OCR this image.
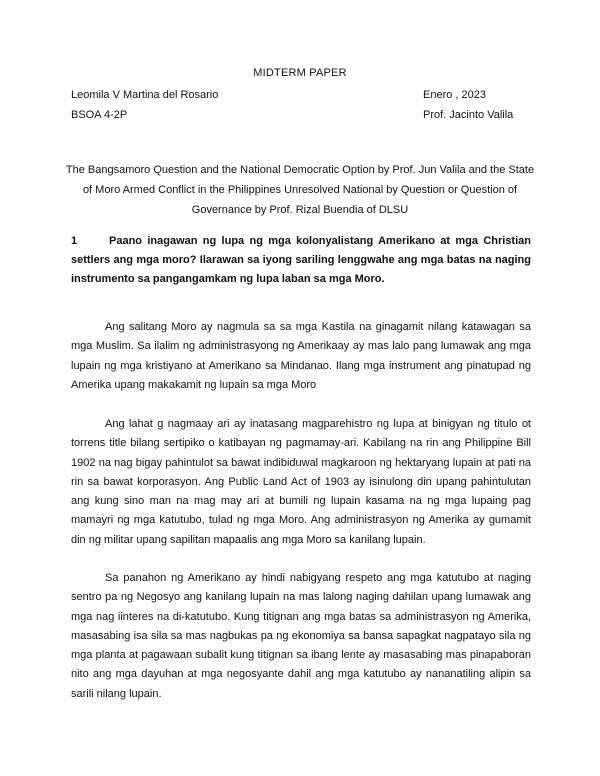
MIDTERM PAPER
Leomila V Martina del Rosario	Enero , 2023
BSOA 4-2P	Prof. Jacinto Valila
The Bangsamoro Question and the National Democratic Option by Prof. Jun Valila and the State of Moro Armed Conflict in the Philippines Unresolved National by Question or Question of Governance by Prof. Rizal Buendia of DLSU
1	Paano inagawan ng lupa ng mga kolonyalistang Amerikano at mga Christian settlers ang mga moro? Ilarawan sa iyong sariling lenggwahe ang mga batas na naging instrumento sa pangangamkam ng lupa laban sa mga Moro.
Ang salitang Moro ay nagmula sa sa mga Kastila na ginagamit nilang katawagan sa mga Muslim. Sa ilalim ng administrasyong ng Amerikaay ay mas lalo pang lumawak ang mga lupain ng mga kristiyano at Amerikano sa Mindanao. Ilang mga instrument ang pinatupad ng Amerika upang makakamit ng lupain sa mga Moro
Ang lahat g nagmaay ari ay inatasang magparehistro ng lupa at binigyan ng titulo ot torrens title bilang sertipiko o katibayan ng pagmamay-ari. Kabilang na rin ang Philippine Bill 1902 na nag bigay pahintulot sa bawat indibiduwal magkaroon ng hektaryang lupain at pati na rin sa bawat korporasyon. Ang Public Land Act of 1903 ay isinulong din upang pahintulutan ang kung sino man na mag may ari at bumili ng lupain kasama na ng mga lupaing pag mamayri ng mga katutubo, tulad ng mga Moro. Ang administrasyon ng Amerika ay gumamit din ng militar upang sapilitan mapaalis ang mga Moro sa kanilang lupain.
Sa panahon ng Amerikano ay hindi nabigyang respeto ang mga katutubo at naging sentro pa ng Negosyo ang kanilang lupain na mas lalong naging dahilan upang lumawak ang mga nag iinteres na di-katutubo. Kung titignan ang mga batas sa administrasyon ng Amerika, masasabing isa sila sa mas nagbukas pa ng ekonomiya sa bansa sapagkat nagpatayo sila ng mga planta at pagawaan subalit kung titignan sa ibang lente ay masasabing mas pinapaboran nito ang mga dayuhan at mga negosyante dahil ang mga katutubo ay nananatiling alipin sa sarili nilang lupain.
